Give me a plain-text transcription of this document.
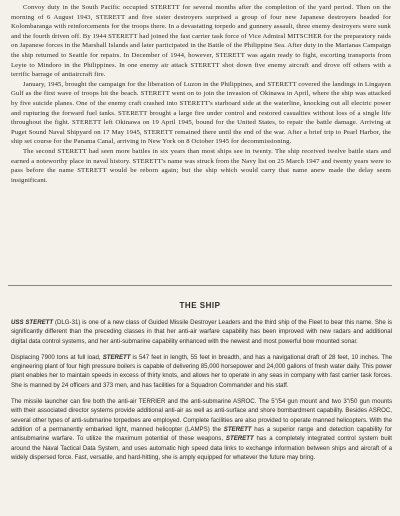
Convoy duty in the South Pacific occupied STERETT for several months after the completion of the yard period. Then on the morning of 6 August 1943, STERETT and five sister destroyers surprised a group of four new Japanese destroyers headed for Kolombaranga with reinforcements for the troops there. In a devastating torpedo and gunnery assault, three enemy destroyers were sunk and the fourth driven off. By 1944 STERETT had joined the fast carrier task force of Vice Admiral MITSCHER for the preparatory raids on Japanese forces in the Marshall Islands and later participated in the Battle of the Philippine Sea. After duty in the Marianas Campaign the ship returned to Seattle for repairs. In December of 1944, however, STERETT was again ready to fight, escorting transports from Leyte to Mindoro in the Philippines. In one enemy air attack STERETT shot down five enemy aircraft and drove off others with a terrific barrage of antiaircraft fire.

January, 1945, brought the campaign for the liberation of Luzon in the Philippines, and STERETT covered the landings in Lingayen Gulf as the first wave of troops hit the beach. STERETT went on to join the invasion of Okinawa in April, where the ship was attacked by five suicide planes. One of the enemy craft crashed into STERETT's starboard side at the waterline, knocking out all electric power and rupturing the forward fuel tanks. STERETT brought a large fire under control and restored casualties without loss of a single life throughout the fight. STERETT left Okinawa on 19 April 1945, bound for the United States, to repair the battle damage. Arriving at Puget Sound Naval Shipyard on 17 May 1945, STERETT remained there until the end of the war. After a brief trip to Pearl Harbor, the ship set course for the Panama Canal, arriving in New York on 8 October 1945 for decommissioning.

The second STERETT had seen more battles in six years than most ships see in twenty. The ship received twelve battle stars and earned a noteworthy place in naval history. STERETT's name was struck from the Navy list on 25 March 1947 and twenty years were to pass before the name STERETT would be reborn again; but the ship which would carry that name anew made the delay seem insignificant.

THE SHIP

USS STERETT (DLG-31) is one of a new class of Guided Missile Destroyer Leaders and the third ship of the Fleet to bear this name. She is significantly different than the preceding classes in that her anti-air warfare capability has been improved with new radars and additional digital data control systems, and her anti-submarine capability enhanced with the newest and most powerful bow mounted sonar.

Displacing 7900 tons at full load, STERETT is 547 feet in length, 55 feet in breadth, and has a navigational draft of 28 feet, 10 inches. The engineering plant of four high pressure boilers is capable of delivering 85,000 horsepower and 24,000 gallons of fresh water daily. This power plant enables her to maintain speeds in excess of thirty knots, and allows her to operate in any seas in company with fast carrier task forces. She is manned by 24 officers and 373 men, and has facilities for a Squadron Commander and his staff.

The missile launcher can fire both the anti-air TERRIER and the anti-submarine ASROC. The 5"/54 gun mount and two 3"/50 gun mounts with their associated director systems provide additional anti-air as well as anti-surface and shore bombardment capability. Besides ASROC, several other types of anti-submarine torpedoes are employed. Complete facilities are also provided to operate manned helicopters. With the addition of a permanently embarked light, manned helicopter (LAMPS) the STERETT has a superior range and detection capability for antisubmarine warfare. To utilize the maximum potential of these weapons, STERETT has a completely integrated control system built around the Naval Tactical Data System, and uses automatic high speed data links to exchange information between ships and aircraft of a widely dispersed force. Fast, versatile, and hard-hitting, she is amply equipped for whatever the future may bring.
